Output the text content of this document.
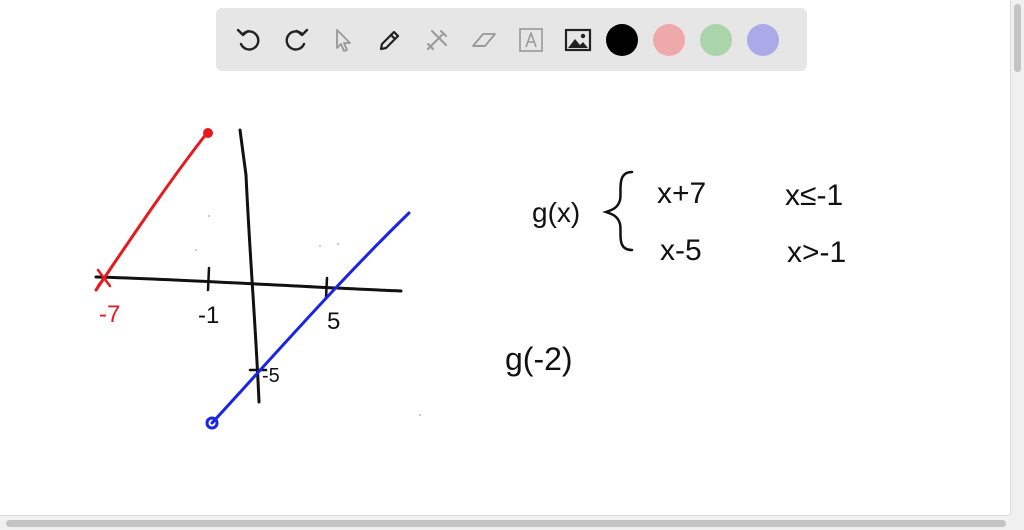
-7	-1	5
-5
g(x)
x+7	x≤-1
x-5	x>-1
g(-2)
